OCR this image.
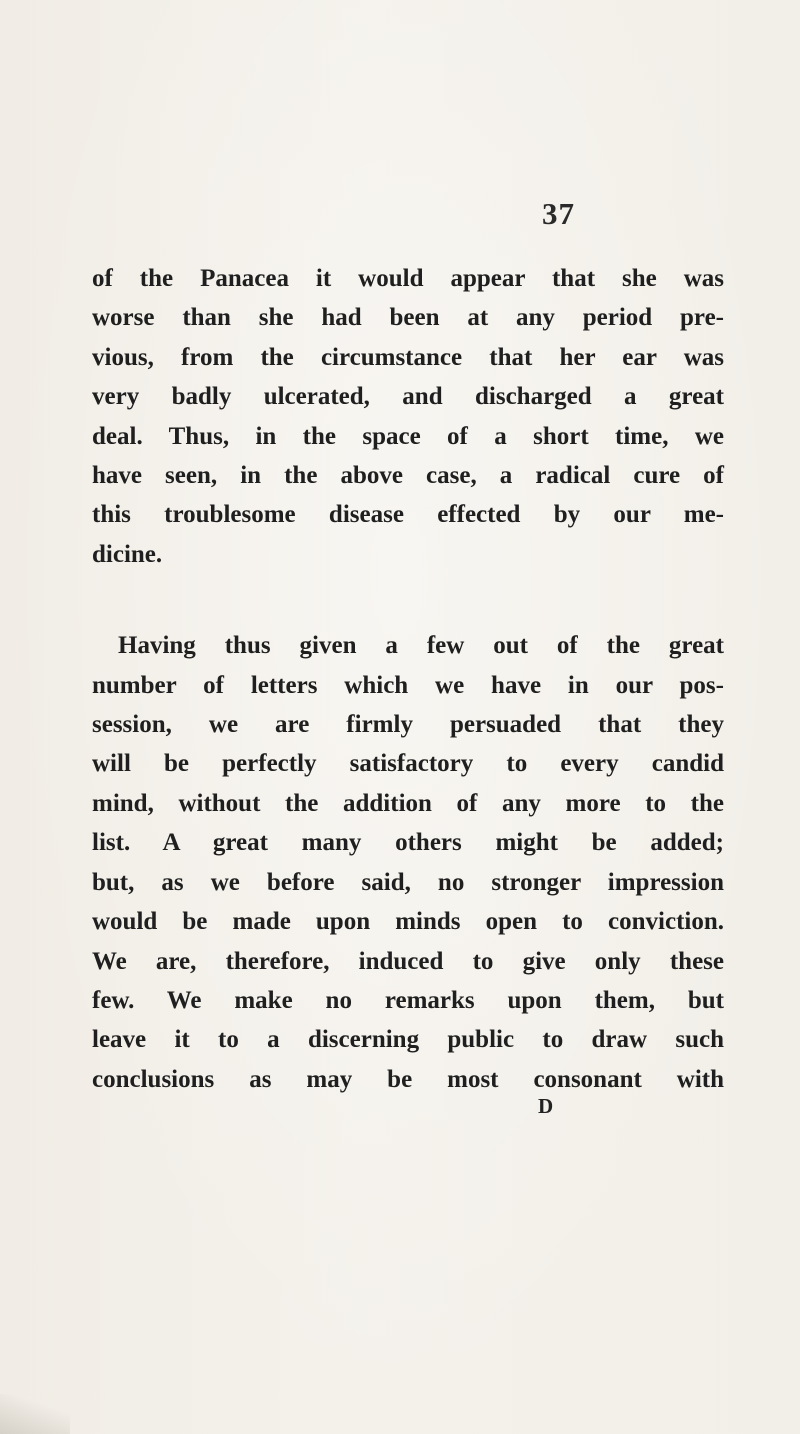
37

of the Panacea it would appear that she was
worse than she had been at any period pre-
vious, from the circumstance that her ear was
very badly ulcerated, and discharged a great
deal. Thus, in the space of a short time, we
have seen, in the above case, a radical cure of
this troublesome disease effected by our me-
dicine.

Having thus given a few out of the great
number of letters which we have in our pos-
session, we are firmly persuaded that they
will be perfectly satisfactory to every candid
mind, without the addition of any more to the
list. A great many others might be added;
but, as we before said, no stronger impression
would be made upon minds open to conviction.
We are, therefore, induced to give only these
few. We make no remarks upon them, but
leave it to a discerning public to draw such
conclusions as may be most consonant with

D
